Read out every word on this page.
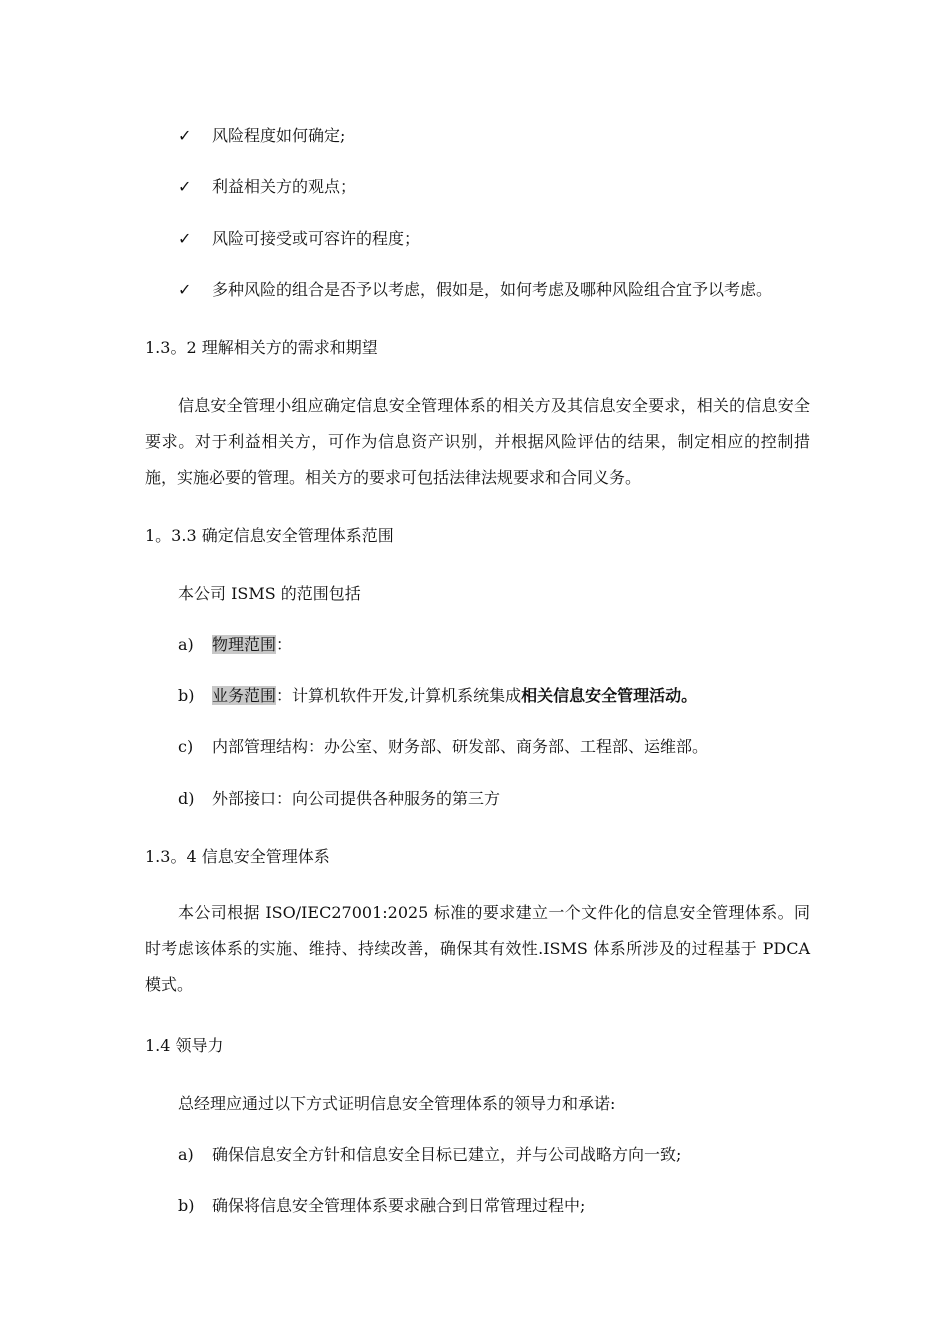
✓ 风险程度如何确定;
✓ 利益相关方的观点；
✓ 风险可接受或可容许的程度；
✓ 多种风险的组合是否予以考虑，假如是，如何考虑及哪种风险组合宜予以考虑。
1.3。2 理解相关方的需求和期望
信息安全管理小组应确定信息安全管理体系的相关方及其信息安全要求，相关的信息安全要求。对于利益相关方，可作为信息资产识别，并根据风险评估的结果，制定相应的控制措施，实施必要的管理。相关方的要求可包括法律法规要求和合同义务。
1。3.3 确定信息安全管理体系范围
本公司 ISMS 的范围包括
a) 物理范围：
b) 业务范围：计算机软件开发,计算机系统集成相关信息安全管理活动。
c) 内部管理结构：办公室、财务部、研发部、商务部、工程部、运维部。
d) 外部接口：向公司提供各种服务的第三方
1.3。4 信息安全管理体系
本公司根据 ISO/IEC27001:2025 标准的要求建立一个文件化的信息安全管理体系。同时考虑该体系的实施、维持、持续改善，确保其有效性.ISMS 体系所涉及的过程基于 PDCA 模式。
1.4 领导力
总经理应通过以下方式证明信息安全管理体系的领导力和承诺:
a) 确保信息安全方针和信息安全目标已建立，并与公司战略方向一致;
b) 确保将信息安全管理体系要求融合到日常管理过程中;
